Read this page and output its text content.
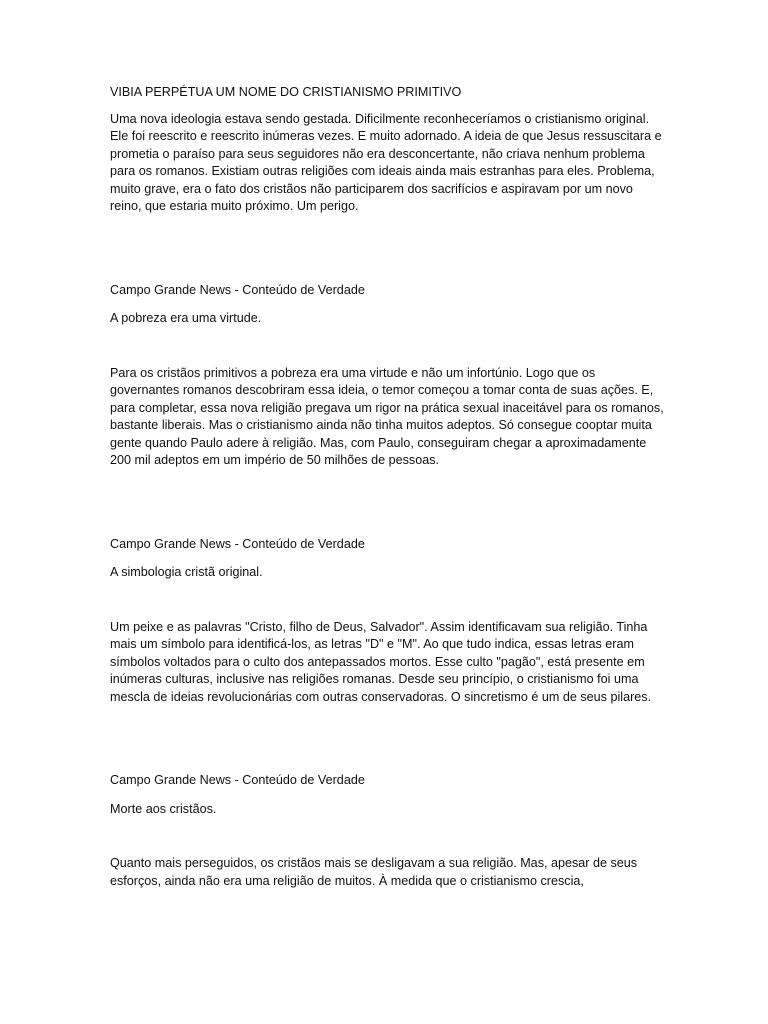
VIBIA PERPÉTUA UM NOME DO CRISTIANISMO PRIMITIVO

Uma nova ideologia estava sendo gestada. Dificilmente reconheceríamos o cristianismo original. Ele foi reescrito e reescrito inúmeras vezes. E muito adornado. A ideia de que Jesus ressuscitara e prometia o paraíso para seus seguidores não era desconcertante, não criava nenhum problema para os romanos. Existiam outras religiões com ideais ainda mais estranhas para eles. Problema, muito grave, era o fato dos cristãos não participarem dos sacrifícios e aspiravam por um novo reino, que estaria muito próximo. Um perigo.

Campo Grande News - Conteúdo de Verdade

A pobreza era uma virtude.

Para os cristãos primitivos a pobreza era uma virtude e não um infortúnio. Logo que os governantes romanos descobriram essa ideia, o temor começou a tomar conta de suas ações. E, para completar, essa nova religião pregava um rigor na prática sexual inaceitável para os romanos, bastante liberais. Mas o cristianismo ainda não tinha muitos adeptos. Só consegue cooptar muita gente quando Paulo adere à religião. Mas, com Paulo, conseguiram chegar a aproximadamente 200 mil adeptos em um império de 50 milhões de pessoas.

Campo Grande News - Conteúdo de Verdade

A simbologia cristã original.

Um peixe e as palavras "Cristo, filho de Deus, Salvador". Assim identificavam sua religião. Tinha mais um símbolo para identificá-los, as letras "D" e "M". Ao que tudo indica, essas letras eram símbolos voltados para o culto dos antepassados mortos. Esse culto "pagão", está presente em inúmeras culturas, inclusive nas religiões romanas. Desde seu princípio, o cristianismo foi uma mescla de ideias revolucionárias com outras conservadoras. O sincretismo é um de seus pilares.

Campo Grande News - Conteúdo de Verdade

Morte aos cristãos.

Quanto mais perseguidos, os cristãos mais se desligavam a sua religião. Mas, apesar de seus esforços, ainda não era uma religião de muitos. À medida que o cristianismo crescia,
